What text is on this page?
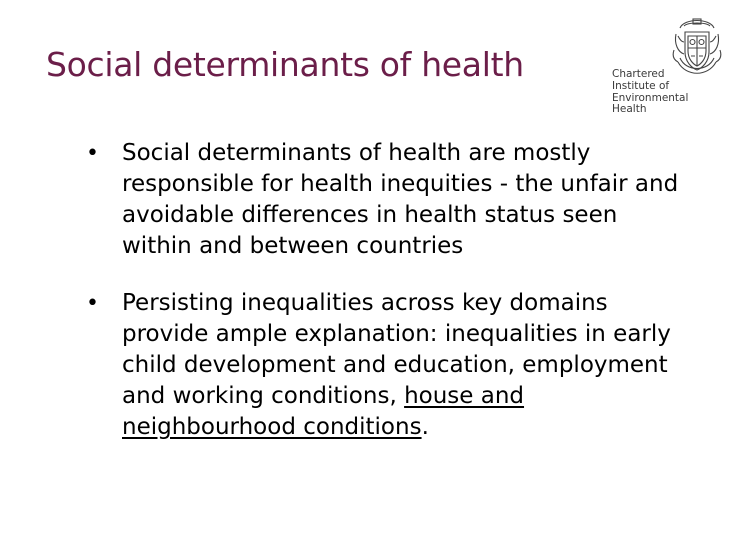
Social determinants of health	Chartered
Institute of
Environmental
Health
• Social determinants of health are mostly responsible for health inequities - the unfair and avoidable differences in health status seen within and between countries
• Persisting inequalities across key domains provide ample explanation: inequalities in early child development and education, employment and working conditions, house and neighbourhood conditions.
